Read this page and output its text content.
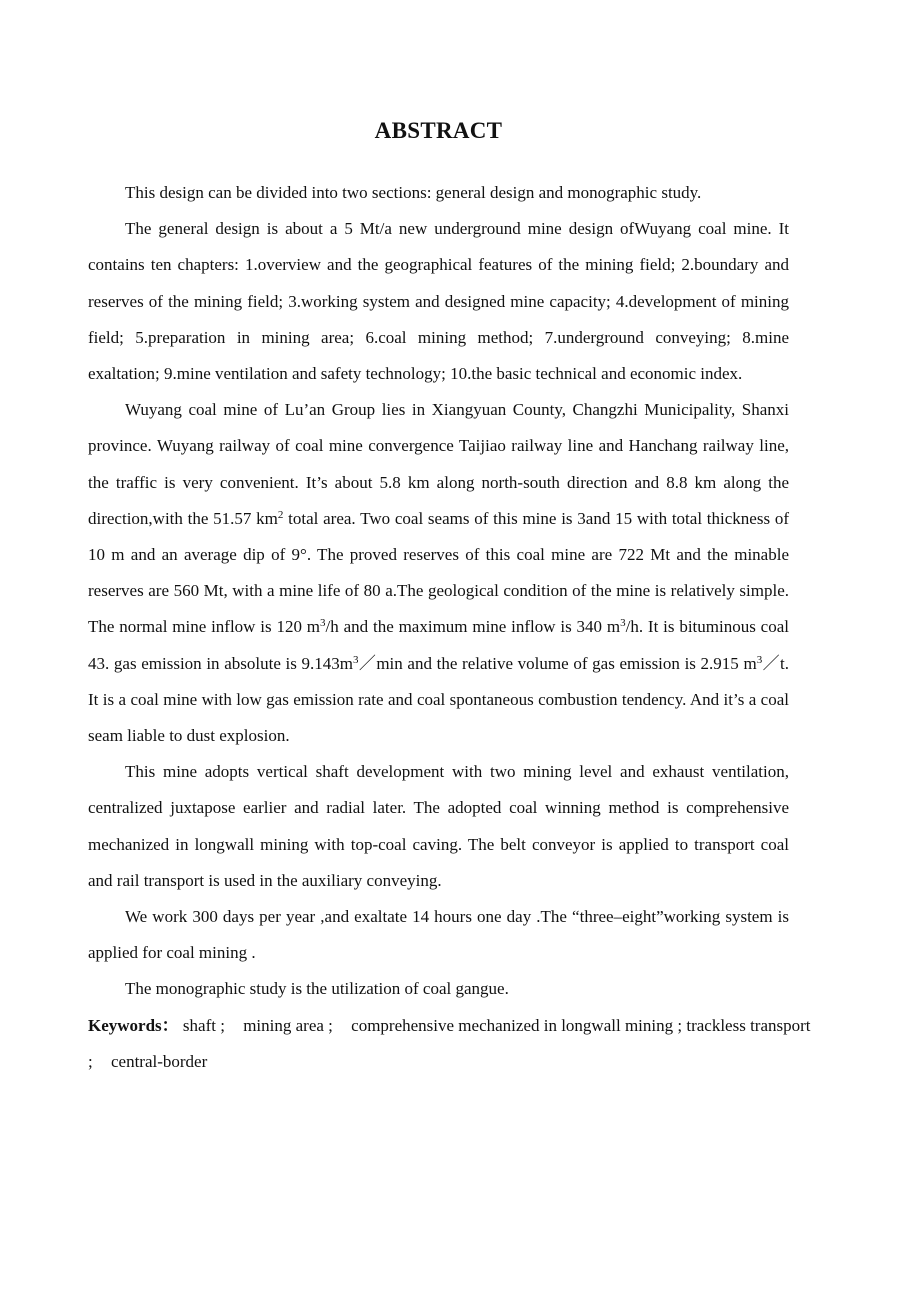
ABSTRACT

This design can be divided into two sections: general design and monographic study.

The general design is about a 5 Mt/a new underground mine design ofWuyang coal mine. It contains ten chapters: 1.overview and the geographical features of the mining field; 2.boundary and reserves of the mining field; 3.working system and designed mine capacity; 4.development of mining field; 5.preparation in mining area; 6.coal mining method; 7.underground conveying; 8.mine exaltation; 9.mine ventilation and safety technology; 10.the basic technical and economic index.

Wuyang coal mine of Lu’an Group lies in Xiangyuan County, Changzhi Municipality, Shanxi province. Wuyang railway of coal mine convergence Taijiao railway line and Hanchang railway line, the traffic is very convenient. It’s about 5.8 km along north-south direction and 8.8 km along the direction,with the 51.57 $km^2$ total area. Two coal seams of this mine is 3and 15 with total thickness of 10 m and an average dip of 9°. The proved reserves of this coal mine are 722 Mt and the minable reserves are 560 Mt, with a mine life of 80 a.The geological condition of the mine is relatively simple. The normal mine inflow is 120 $m^3/h$ and the maximum mine inflow is 340 $m^3/h$. It is bituminous coal 43. gas emission in absolute is $9.143m^3/\min$ and the relative volume of gas emission is 2.915 $m^3/t$. It is a coal mine with low gas emission rate and coal spontaneous combustion tendency. And it’s a coal seam liable to dust explosion.

This mine adopts vertical shaft development with two mining level and exhaust ventilation, centralized juxtapose earlier and radial later. The adopted coal winning method is comprehensive mechanized in longwall mining with top-coal caving. The belt conveyor is applied to transport coal and rail transport is used in the auxiliary conveying.

We work 300 days per year ,and exaltate 14 hours one day .The “three–eight”working system is applied for coal mining .

The monographic study is the utilization of coal gangue.

Keywords： shaft ; mining area ; comprehensive mechanized in longwall mining ; trackless transport ; central-border
